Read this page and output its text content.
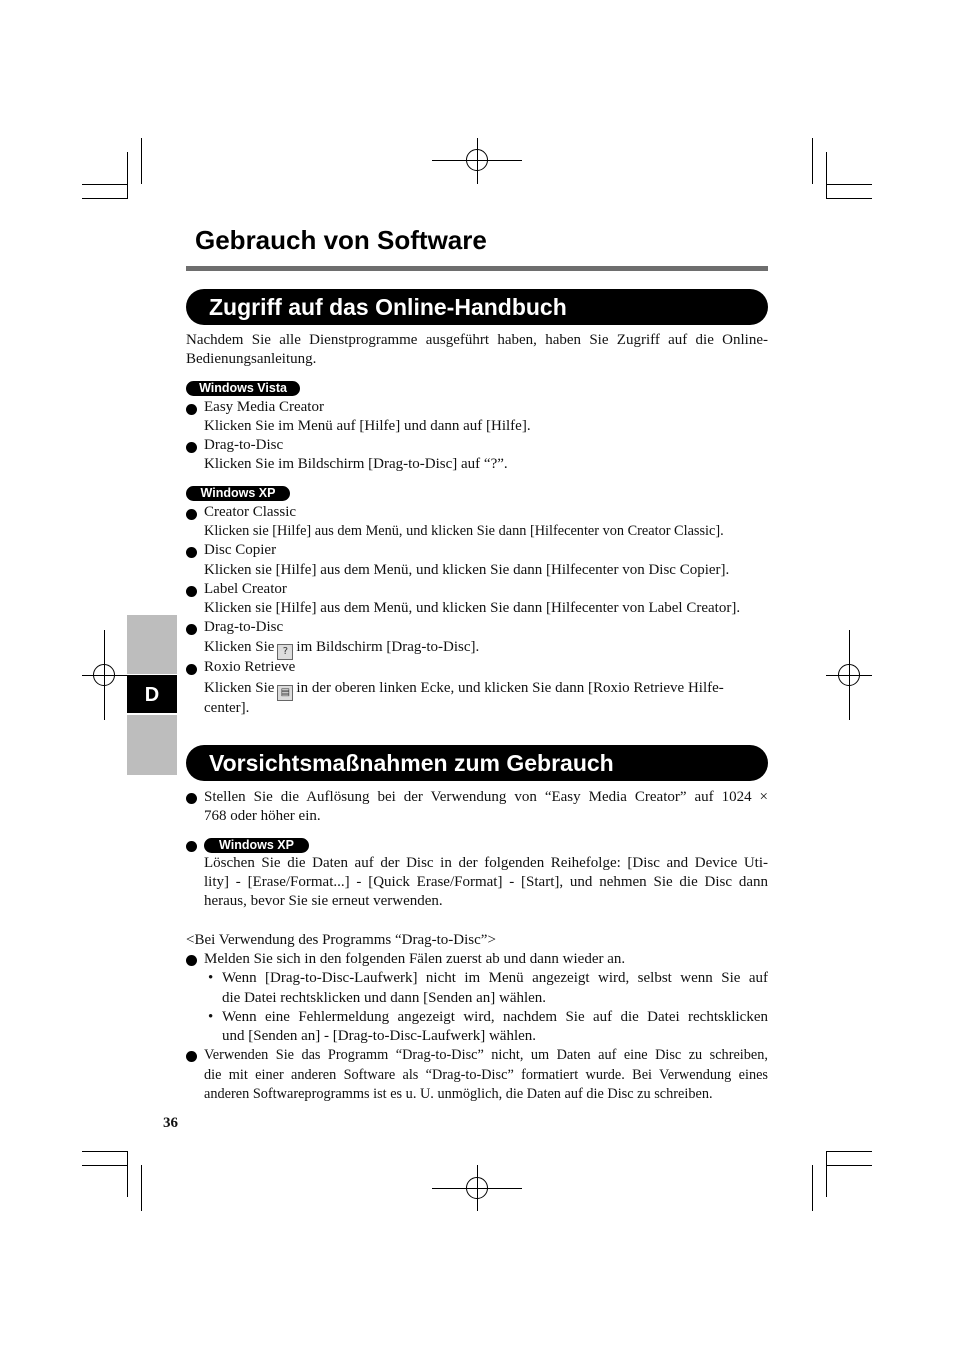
D
Gebrauch von Software
Zugriff auf das Online-Handbuch
Nachdem Sie alle Dienstprogramme ausgeführt haben, haben Sie Zugriff auf die Online-
Bedienungsanleitung.
Windows Vista
Easy Media Creator
Klicken Sie im Menü auf [Hilfe] und dann auf [Hilfe].
Drag-to-Disc
Klicken Sie im Bildschirm [Drag-to-Disc] auf “?”.
Windows XP
Creator Classic
Klicken sie [Hilfe] aus dem Menü, und klicken Sie dann [Hilfecenter von Creator Classic].
Disc Copier
Klicken sie [Hilfe] aus dem Menü, und klicken Sie dann [Hilfecenter von Disc Copier].
Label Creator
Klicken sie [Hilfe] aus dem Menü, und klicken Sie dann [Hilfecenter von Label Creator].
Drag-to-Disc
Klicken Sie ? im Bildschirm [Drag-to-Disc].
Roxio Retrieve
Klicken Sie ▤ in der oberen linken Ecke, und klicken Sie dann [Roxio Retrieve Hilfe-
center].
Vorsichtsmaßnahmen zum Gebrauch
Stellen Sie die Auflösung bei der Verwendung von “Easy Media Creator” auf 1024 ×
768 oder höher ein.
Windows XP
Löschen Sie die Daten auf der Disc in der folgenden Reihefolge: [Disc and Device Uti-
lity] - [Erase/Format...] - [Quick Erase/Format] - [Start], und nehmen Sie die Disc dann
heraus, bevor Sie sie erneut verwenden.
<Bei Verwendung des Programms “Drag-to-Disc”>
Melden Sie sich in den folgenden Fälen zuerst ab und dann wieder an.
• Wenn [Drag-to-Disc-Laufwerk] nicht im Menü angezeigt wird, selbst wenn Sie auf
die Datei rechtsklicken und dann [Senden an] wählen.
• Wenn eine Fehlermeldung angezeigt wird, nachdem Sie auf die Datei rechtsklicken
und [Senden an] - [Drag-to-Disc-Laufwerk] wählen.
Verwenden Sie das Programm “Drag-to-Disc” nicht, um Daten auf eine Disc zu schreiben,
die mit einer anderen Software als “Drag-to-Disc” formatiert wurde. Bei Verwendung eines
anderen Softwareprogramms ist es u. U. unmöglich, die Daten auf die Disc zu schreiben.
36
